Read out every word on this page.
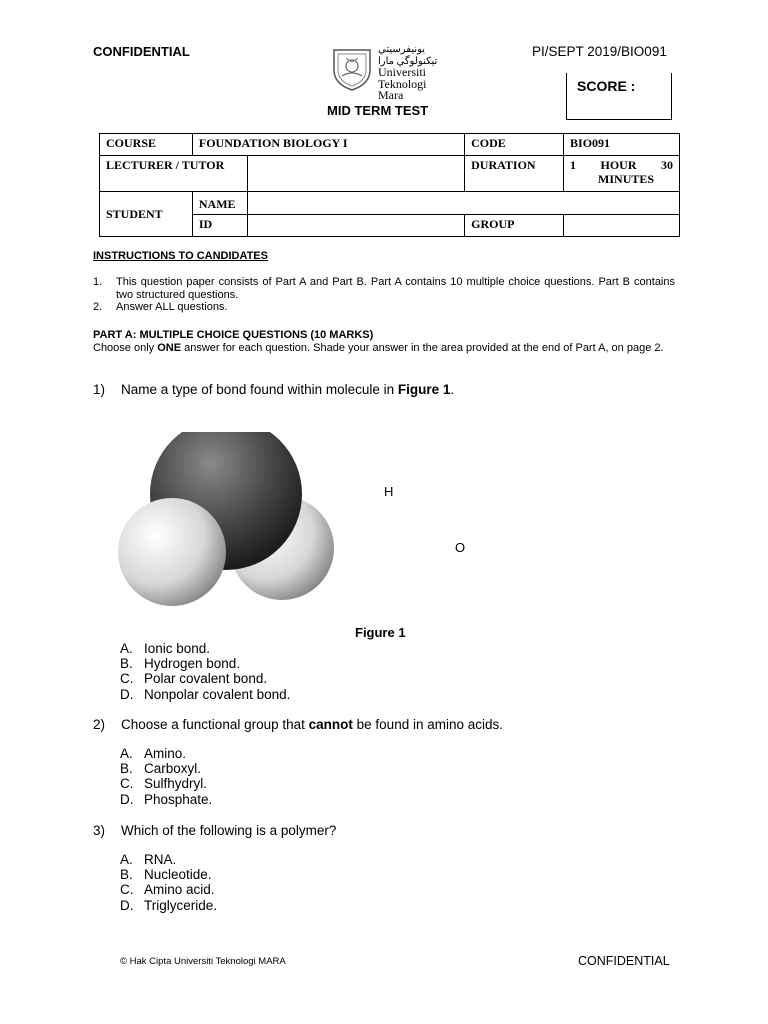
CONFIDENTIAL	PI/SEPT 2019/BIO091
ﻳﻮﻧﻴﻔﺮﺳﻴﺘﻲ ﺗﻴﻜﻨﻮﻟﻮﮔﻲ ﻣﺎرا
Universiti
Teknologi
Mara
SCORE :
MID TERM TEST
COURSE	FOUNDATION BIOLOGY I		CODE	BIO091
LECTURER / TUTOR			DURATION	1 HOUR 30
MINUTES

STUDENT	NAME			
	ID		GROUP	
INSTRUCTIONS TO CANDIDATES
1. This question paper consists of Part A and Part B. Part A contains 10 multiple choice questions. Part B contains two structured questions.
2. Answer ALL questions.
PART A: MULTIPLE CHOICE QUESTIONS (10 MARKS)
Choose only ONE answer for each question. Shade your answer in the area provided at the end of Part A, on page 2.
1) Name a type of bond found within molecule in Figure 1.
H
O
Figure 1
A. Ionic bond.
B. Hydrogen bond.
C. Polar covalent bond.
D. Nonpolar covalent bond.
2) Choose a functional group that cannot be found in amino acids.
A. Amino.
B. Carboxyl.
C. Sulfhydryl.
D. Phosphate.
3) Which of the following is a polymer?
A. RNA.
B. Nucleotide.
C. Amino acid.
D. Triglyceride.
© Hak Cipta Universiti Teknologi MARA	CONFIDENTIAL
